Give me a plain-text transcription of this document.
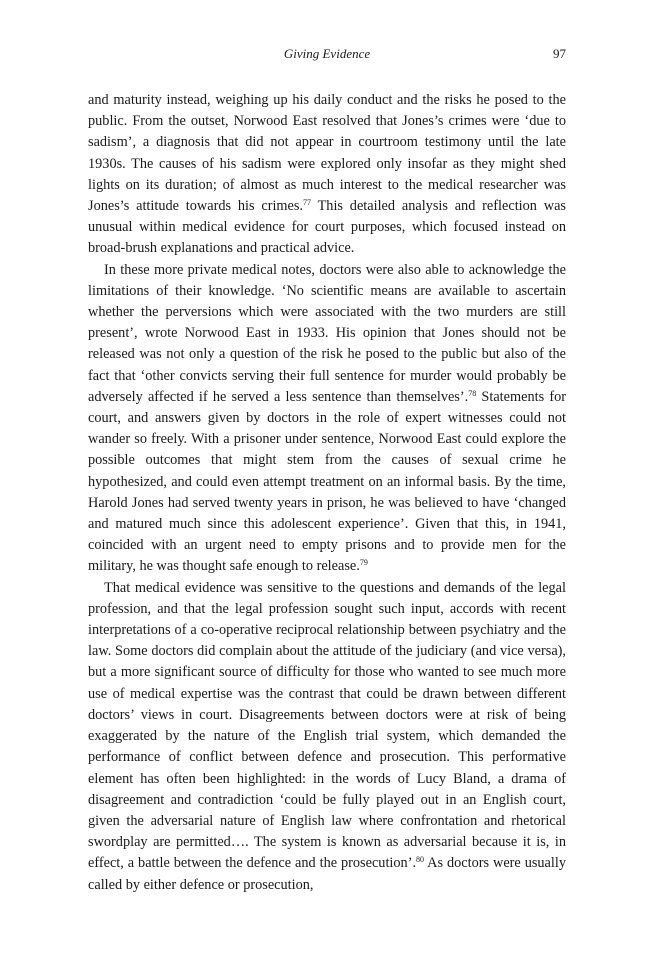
Giving Evidence	97

and maturity instead, weighing up his daily conduct and the risks he posed to the public. From the outset, Norwood East resolved that Jones’s crimes were ‘due to sadism’, a diagnosis that did not appear in courtroom testimony until the late 1930s. The causes of his sadism were explored only insofar as they might shed lights on its duration; of almost as much interest to the medical researcher was Jones’s attitude towards his crimes.$^{77}$ This detailed analysis and reflection was unusual within medical evidence for court purposes, which focused instead on broad-brush explanations and practical advice.

In these more private medical notes, doctors were also able to acknowledge the limitations of their knowledge. ‘No scientific means are available to ascertain whether the perversions which were associated with the two murders are still present’, wrote Norwood East in 1933. His opinion that Jones should not be released was not only a question of the risk he posed to the public but also of the fact that ‘other convicts serving their full sentence for murder would probably be adversely affected if he served a less sentence than themselves’.$^{78}$ Statements for court, and answers given by doctors in the role of expert witnesses could not wander so freely. With a prisoner under sentence, Norwood East could explore the possible outcomes that might stem from the causes of sexual crime he hypothesized, and could even attempt treatment on an informal basis. By the time, Harold Jones had served twenty years in prison, he was believed to have ‘changed and matured much since this adolescent experience’. Given that this, in 1941, coincided with an urgent need to empty prisons and to provide men for the military, he was thought safe enough to release.$^{79}$

That medical evidence was sensitive to the questions and demands of the legal profession, and that the legal profession sought such input, accords with recent interpretations of a co-operative reciprocal relationship between psychiatry and the law. Some doctors did complain about the attitude of the judiciary (and vice versa), but a more significant source of difficulty for those who wanted to see much more use of medical expertise was the contrast that could be drawn between different doctors’ views in court. Disagreements between doctors were at risk of being exaggerated by the nature of the English trial system, which demanded the performance of conflict between defence and prosecution. This performative element has often been highlighted: in the words of Lucy Bland, a drama of disagreement and contradiction ‘could be fully played out in an English court, given the adversarial nature of English law where confrontation and rhetorical swordplay are permitted…. The system is known as adversarial because it is, in effect, a battle between the defence and the prosecution’.$^{80}$ As doctors were usually called by either defence or prosecution,
